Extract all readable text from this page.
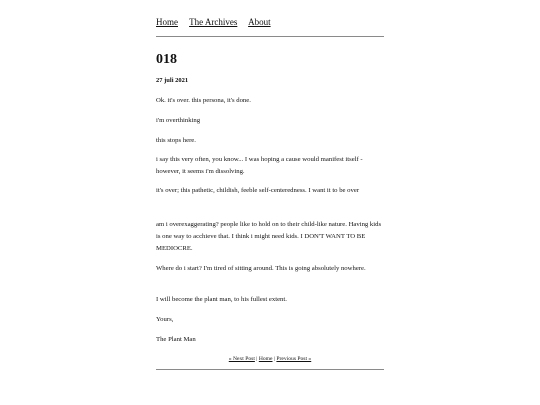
Home The Archives About
018
27 juli 2021

Ok. it's over. this persona, it's done.

i'm overthinking

this stops here.

i say this very often, you know... I was hoping a cause would manifest itself - however, it seems i'm dissolving.

it's over; this pathetic, childish, feeble self-centeredness. I want it to be over

am i overexaggerating? people like to hold on to their child-like nature. Having kids is one way to acchieve that. I think i might need kids. I DON'T WANT TO BE MEDIOCRE.

Where do i start? I'm tired of sitting around. This is going absolutely nowhere.

I will become the plant man, to his fullest extent.

Yours,

The Plant Man

« Next Post | Home | Previous Post »
